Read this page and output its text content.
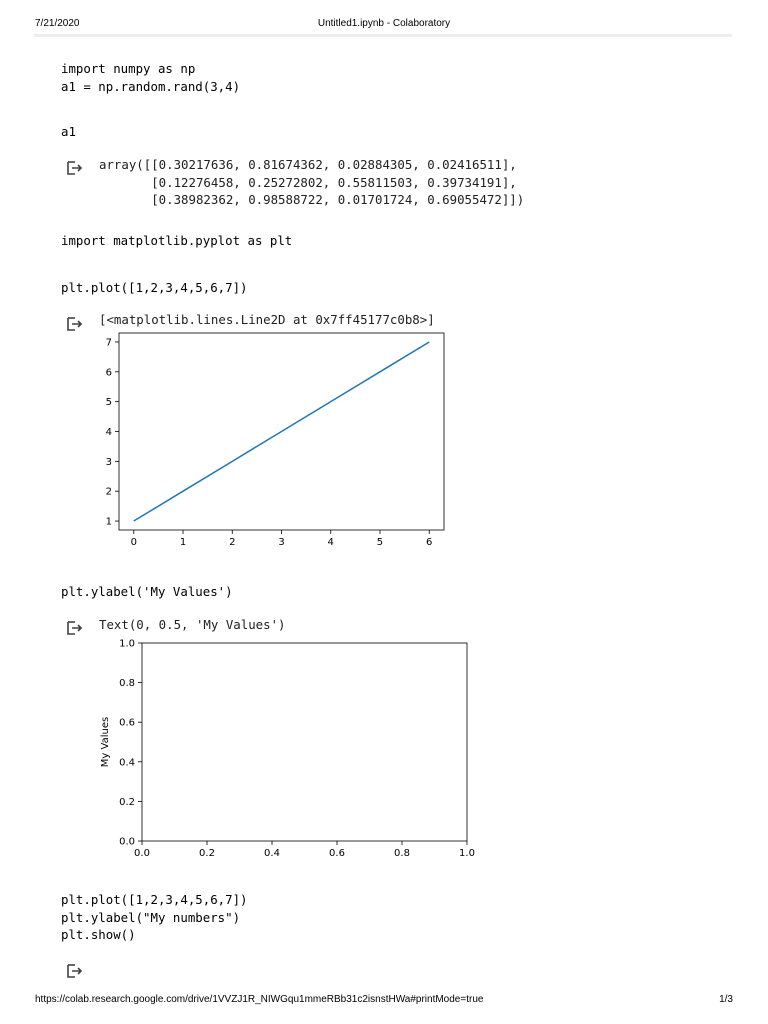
7/21/2020	Untitled1.ipynb - Colaboratory
import numpy as np
a1 = np.random.rand(3,4)
a1
array([[0.30217636, 0.81674362, 0.02884305, 0.02416511],
[0.12276458, 0.25272802, 0.55811503, 0.39734191],
[0.38982362, 0.98588722, 0.01701724, 0.69055472]])
import matplotlib.pyplot as plt
plt.plot([1,2,3,4,5,6,7])
[<matplotlib.lines.Line2D at 0x7ff45177c0b8>]
0	1	2	3	4	5	6
1
2
3
4
5
6
7
plt.ylabel('My Values')
Text(0, 0.5, 'My Values')
0.0	0.2	0.4	0.6	0.8	1.0
0.0
0.2
0.4
0.6
0.8
1.0
My Values
plt.plot([1,2,3,4,5,6,7])
plt.ylabel("My numbers")
plt.show()
https://colab.research.google.com/drive/1VVZJ1R_NIWGqu1mmeRBb31c2isnstHWa#printMode=true	1/3
